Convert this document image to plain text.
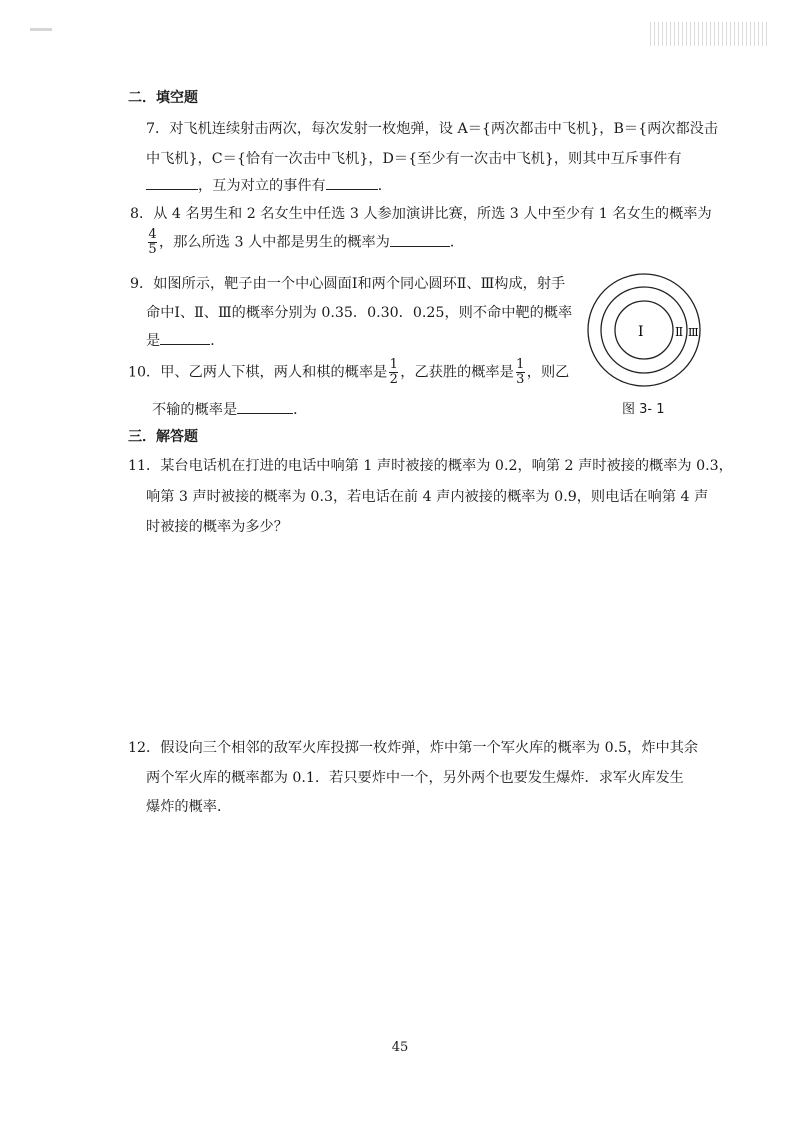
二．填空题
7．对飞机连续射击两次，每次发射一枚炮弹，设 A＝{两次都击中飞机}，B＝{两次都没击
中飞机}，C＝{恰有一次击中飞机}，D＝{至少有一次击中飞机}，则其中互斥事件有
，互为对立的事件有	．
8．从 4 名男生和 2 名女生中任选 3 人参加演讲比赛，所选 3 人中至少有 1 名女生的概率为
$\frac{4}{5}$ ，那么所选 3 人中都是男生的概率为	．
9．如图所示，靶子由一个中心圆面Ⅰ和两个同心圆环Ⅱ、Ⅲ构成，射手
命中Ⅰ、Ⅱ、Ⅲ的概率分别为 0.35．0.30．0.25，则不命中靶的概率
是	．
10．甲、乙两人下棋，两人和棋的概率是 $\frac{1}{2}$ ，乙获胜的概率是 $\frac{1}{3}$ ，则乙
不输的概率是	．
Ⅰ	Ⅱ Ⅲ
图 3- 1
三．解答题
11．某台电话机在打进的电话中响第 1 声时被接的概率为 0.2，响第 2 声时被接的概率为 0.3，
响第 3 声时被接的概率为 0.3，若电话在前 4 声内被接的概率为 0.9，则电话在响第 4 声
时被接的概率为多少？
12．假设向三个相邻的敌军火库投掷一枚炸弹，炸中第一个军火库的概率为 0.5，炸中其余
两个军火库的概率都为 0.1．若只要炸中一个，另外两个也要发生爆炸．求军火库发生
爆炸的概率．
45
